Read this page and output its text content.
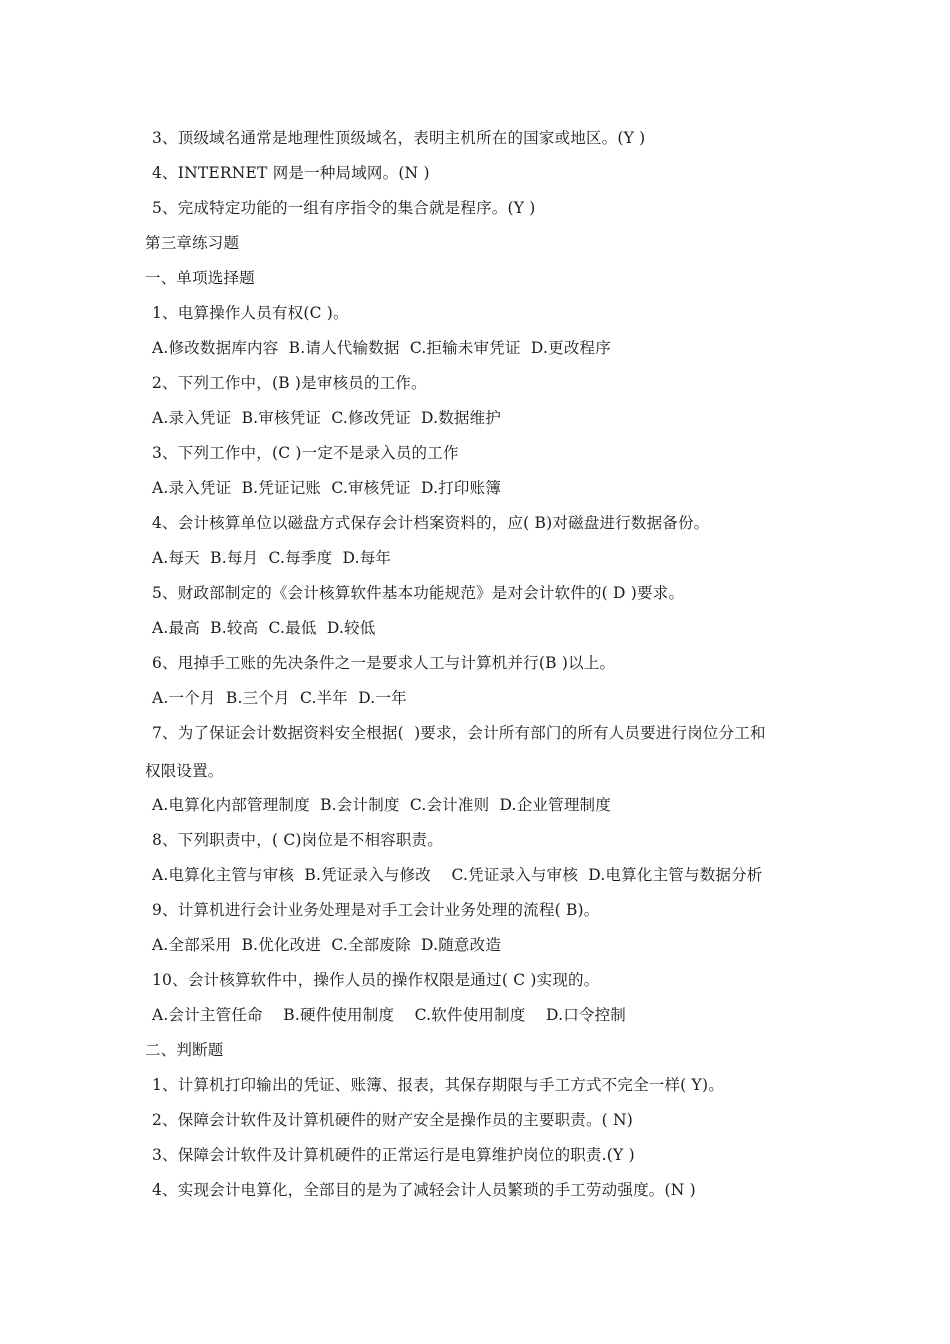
3、顶级域名通常是地理性顶级域名，表明主机所在的国家或地区。(Y )
4、INTERNET 网是一种局域网。(N )
5、完成特定功能的一组有序指令的集合就是程序。(Y )
第三章练习题
一、单项选择题
1、电算操作人员有权(C )。
A.修改数据库内容  B.请人代输数据  C.拒输未审凭证  D.更改程序
2、下列工作中，(B )是审核员的工作。
A.录入凭证  B.审核凭证  C.修改凭证  D.数据维护
3、下列工作中，(C )一定不是录入员的工作
A.录入凭证  B.凭证记账  C.审核凭证  D.打印账簿
4、会计核算单位以磁盘方式保存会计档案资料的，应( B)对磁盘进行数据备份。
A.每天  B.每月  C.每季度  D.每年
5、财政部制定的《会计核算软件基本功能规范》是对会计软件的( D )要求。
A.最高  B.较高  C.最低  D.较低
6、甩掉手工账的先决条件之一是要求人工与计算机并行(B )以上。
A.一个月  B.三个月  C.半年  D.一年
7、为了保证会计数据资料安全根据(  )要求，会计所有部门的所有人员要进行岗位分工和
权限设置。
A.电算化内部管理制度  B.会计制度  C.会计准则  D.企业管理制度
8、下列职责中，( C)岗位是不相容职责。
A.电算化主管与审核  B.凭证录入与修改    C.凭证录入与审核  D.电算化主管与数据分析
9、计算机进行会计业务处理是对手工会计业务处理的流程( B)。
A.全部采用  B.优化改进  C.全部废除  D.随意改造
10、会计核算软件中，操作人员的操作权限是通过( C )实现的。
A.会计主管任命    B.硬件使用制度    C.软件使用制度    D.口令控制
二、判断题
1、计算机打印输出的凭证、账簿、报表，其保存期限与手工方式不完全一样( Y)。
2、保障会计软件及计算机硬件的财产安全是操作员的主要职责。( N)
3、保障会计软件及计算机硬件的正常运行是电算维护岗位的职责.(Y )
4、实现会计电算化，全部目的是为了减轻会计人员繁琐的手工劳动强度。(N )
